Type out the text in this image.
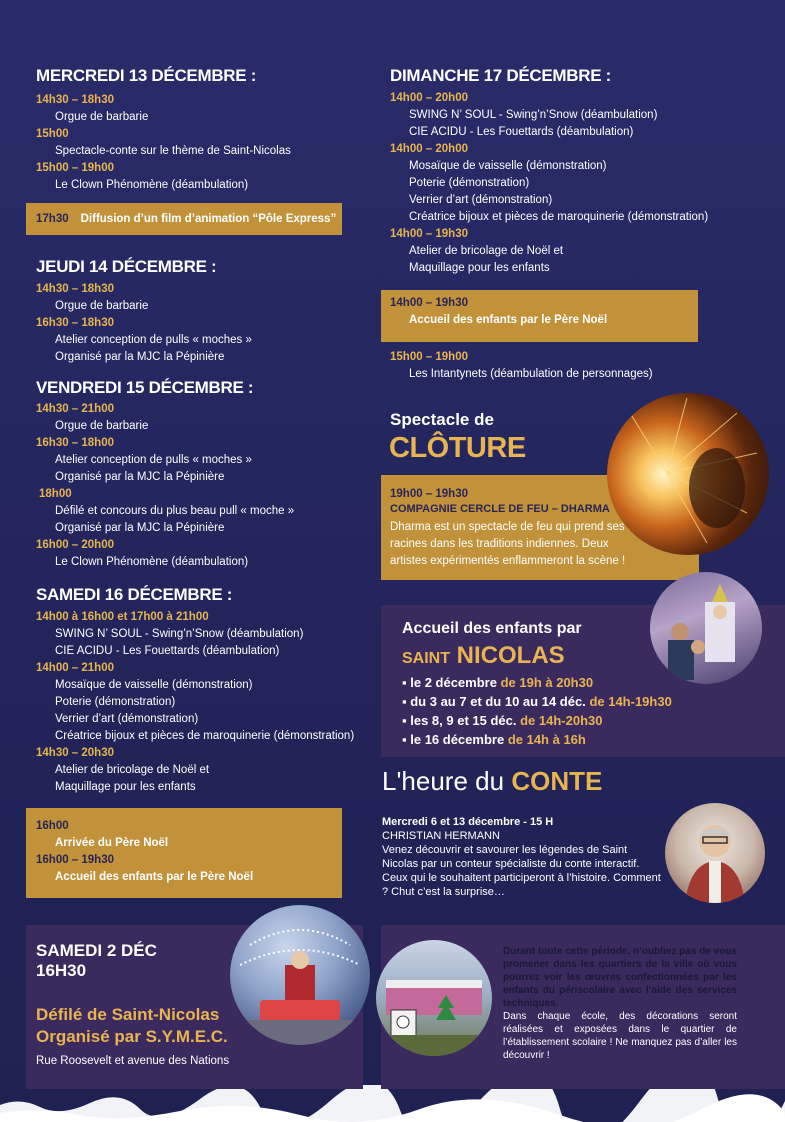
MERCREDI 13 DÉCEMBRE :
14h30 – 18h30
Orgue de barbarie
15h00
Spectacle-conte sur le thème de Saint-Nicolas
15h00 – 19h00
Le Clown Phénomène (déambulation)
17h30 Diffusion d’un film d’animation “Pôle Express”
JEUDI 14 DÉCEMBRE :
14h30 – 18h30
Orgue de barbarie
16h30 – 18h30
Atelier conception de pulls « moches »
Organisé par la MJC la Pépinière
VENDREDI 15 DÉCEMBRE :
14h30 – 21h00
Orgue de barbarie
16h30 – 18h00
Atelier conception de pulls « moches »
Organisé par la MJC la Pépinière
18h00
Défilé et concours du plus beau pull « moche »
Organisé par la MJC la Pépinière
16h00 – 20h00
Le Clown Phénomène (déambulation)
SAMEDI 16 DÉCEMBRE :
14h00 à 16h00 et 17h00 à 21h00
SWING N’ SOUL - Swing’n’Snow (déambulation)
CIE ACIDU - Les Fouettards (déambulation)
14h00 – 21h00
Mosaïque de vaisselle (démonstration)
Poterie (démonstration)
Verrier d’art (démonstration)
Créatrice bijoux et pièces de maroquinerie (démonstration)
14h30 – 20h30
Atelier de bricolage de Noël et
Maquillage pour les enfants
16h00
Arrivée du Père Noël
16h00 – 19h30
Accueil des enfants par le Père Noël
SAMEDI 2 DÉC
16H30
Défilé de Saint-Nicolas
Organisé par S.Y.M.E.C.
Rue Roosevelt et avenue des Nations
DIMANCHE 17 DÉCEMBRE :
14h00 – 20h00
SWING N’ SOUL - Swing’n’Snow (déambulation)
CIE ACIDU - Les Fouettards (déambulation)
14h00 – 20h00
Mosaïque de vaisselle (démonstration)
Poterie (démonstration)
Verrier d’art (démonstration)
Créatrice bijoux et pièces de maroquinerie (démonstration)
14h00 – 19h30
Atelier de bricolage de Noël et
Maquillage pour les enfants
14h00 – 19h30
Accueil des enfants par le Père Noël
15h00 – 19h00
Les Intantynets (déambulation de personnages)
Spectacle de
CLÔTURE
19h00 – 19h30
COMPAGNIE CERCLE DE FEU – DHARMA
Dharma est un spectacle de feu qui prend ses racines dans les traditions indiennes. Deux artistes expérimentés enflammeront la scène !
Accueil des enfants par
SAINT NICOLAS
▪ le 2 décembre de 19h à 20h30
▪ du 3 au 7 et du 10 au 14 déc. de 14h-19h30
▪ les 8, 9 et 15 déc. de 14h-20h30
▪ le 16 décembre de 14h à 16h
L'heure du CONTE
Mercredi 6 et 13 décembre - 15 H
CHRISTIAN HERMANN
Venez découvrir et savourer les légendes de Saint Nicolas par un conteur spécialiste du conte interactif. Ceux qui le souhaitent participeront à l’histoire. Comment ? Chut c’est la surprise…
Durant toute cette période, n’oubliez pas de vous promener dans les quartiers de la ville où vous pourrez voir les œuvres confectionnées par les enfants du périscolaire avec l’aide des services techniques.
Dans chaque école, des décorations seront réalisées et exposées dans le quartier de l’établissement scolaire ! Ne manquez pas d’aller les découvrir !
